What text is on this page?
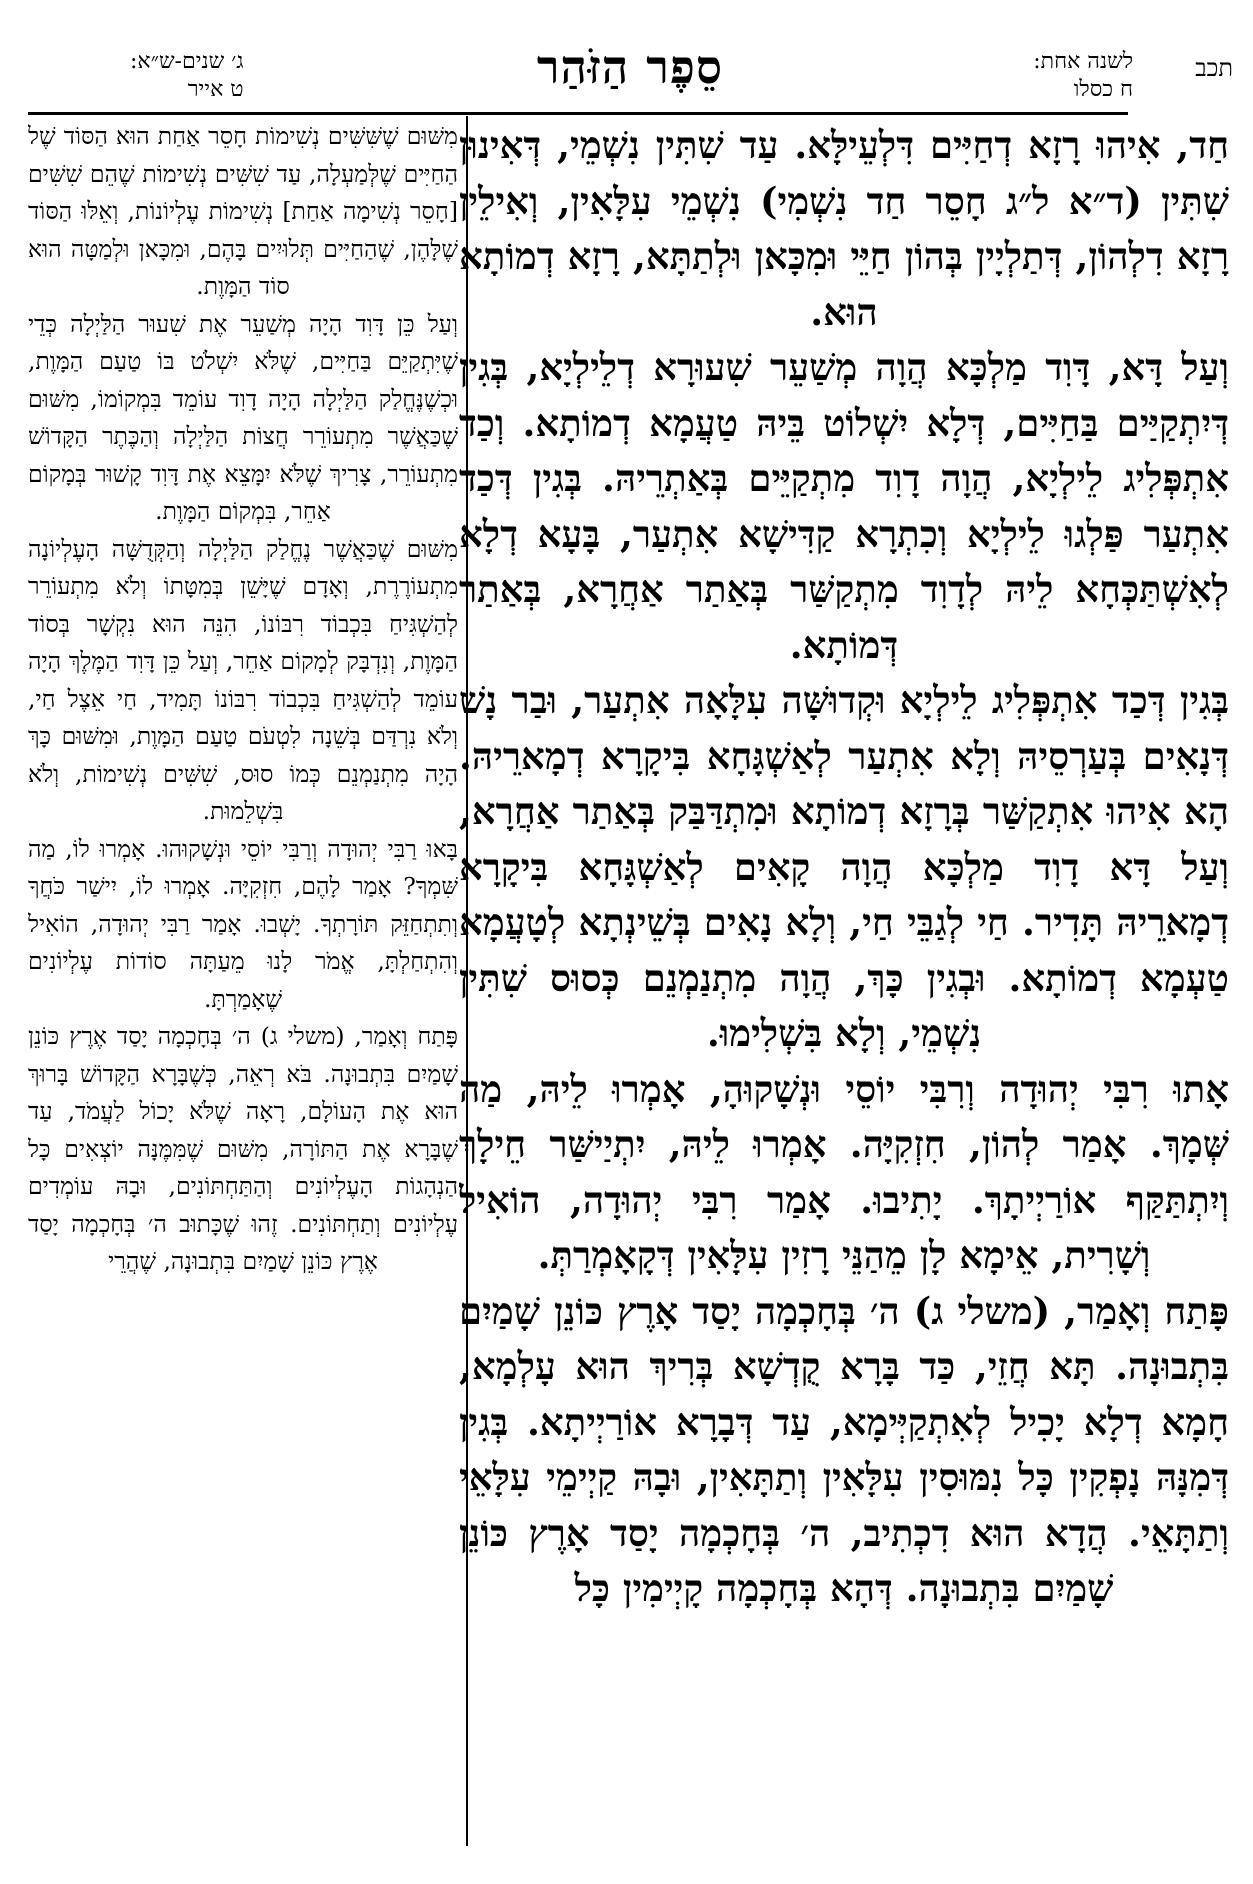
תכב
לשנה אחת:
ח כסלו
סֵפֶר הַזֹּהַר
ג׳ שנים-ש״א:
ט אייר

חַד, אִיהוּ רָזָא דְחַיִּים דִּלְעֵילָּא. עַד שִׁתִּין נִשְׁמֵי, דְּאִינוּן שִׁתִּין (ד״א ל״ג חָסֵר חַד נִשְׁמִי) נִשְׁמֵי עִלָּאִין, וְאִילֵין רָזָא דִלְהוֹן, דְּתַלְיָין בְּהוֹן חַיֵּי וּמִכָּאן וּלְתַתָּא, רָזָא דְמוֹתָא הוּא.

וְעַל דָּא, דָּוִד מַלְכָּא הֲוָה מְשַׁעֵר שִׁעוּרָא דְלֵילְיָא, בְּגִין דְּיִתְקַיַּים בַּחַיִּים, דְּלָא יִשְׁלוֹט בֵּיהּ טַעֲמָא דְמוֹתָא. וְכַד אִתְפְּלִיג לֵילְיָא, הֲוָה דָוִד מִתְקַיֵּים בְּאַתְרֵיהּ. בְּגִין דְּכַד אִתְעַר פַּלְגוּ לֵילְיָא וְכִתְרָא קַדִּישָׁא אִתְעַר, בָּעָא דְלָא לְאִשְׁתַּכְּחָא לֵיהּ לְדָוִד מִתְקַשַּׁר בְּאַתַר אַחֲרָא, בְּאַתַר דְּמוֹתָא.

בְּגִין דְּכַד אִתְפְּלִיג לֵילְיָא וּקְדוּשָּׁה עִלָּאָה אִתְעַר, וּבַר נָשׁ דְּנָאִים בְּעַרְסֵיהּ וְלָא אִתְעַר לְאַשְׁגָּחָא בִּיקָרָא דְמָארֵיהּ. הָא אִיהוּ אִתְקַשַּׁר בְּרָזָא דְמוֹתָא וּמִתְדַּבַּק בְּאַתַר אַחֲרָא, וְעַל דָּא דָוִד מַלְכָּא הֲוָה קָאִים לְאַשְׁגָּחָא בִּיקָרָא דְמָארֵיהּ תָּדִיר. חַי לְגַבֵּי חַי, וְלָא נָאִים בְּשֵׁינְתָא לְטָעֲמָא טַעְמָא דְמוֹתָא. וּבְגִין כָּךְ, הֲוָה מִתְנַמְנֵם כְּסוּס שִׁתִּין נִשְׁמֵי, וְלָא בִּשְׁלִימוּ.

אָתוּ רִבִּי יְהוּדָה וְרִבִּי יוֹסֵי וּנְשָׁקוּהָ, אָמְרוּ לֵיהּ, מַה שְּׁמָךְ. אָמַר לְהוֹן, חִזְקִיָּה. אָמְרוּ לֵיהּ, יִתְיַישַּׁר חֵילָךְ וְיִתְתַּקַּף אוֹרַיְיתָךְ. יָתִיבוּ. אָמַר רִבִּי יְהוּדָה, הוֹאִיל וְשָׁרִית, אֵימָא לָן מֵהַנֵּי רָזִין עִלָּאִין דְּקָאָמְרַתְּ.

פָּתַח וְאָמַר, (משלי ג) ה׳ בְּחָכְמָה יָסַד אָרֶץ כּוֹנֵן שָׁמַיִם בִּתְבוּנָה. תָּא חֲזֵי, כַּד בָּרָא קֻדְשָׁא בְּרִיךְ הוּא עָלְמָא, חָמָא דְלָא יָכִיל לְאִתְקַיְּימָא, עַד דְּבָרָא אוֹרַיְיתָא. בְּגִין דְּמִנָּהּ נָפְקִין כָּל נִמּוּסִין עִלָּאִין וְתַתָּאִין, וּבָהּ קַיְימֵי עִלָּאֵי וְתַתָּאֵי. הֲדָא הוּא דִכְתִיב, ה׳ בְּחָכְמָה יָסַד אָרֶץ כּוֹנֵן שָׁמַיִם בִּתְבוּנָה. דְּהָא בְּחָכְמָה קָיְימִין כָּל

מִשּׁוּם שֶׁשִּׁשִּׁים נְשִׁימוֹת חָסֵר אַחַת הוּא הַסּוֹד שֶׁל הַחַיִּים שֶׁלְּמַעְלָה, עַד שִׁשִּׁים נְשִׁימוֹת שֶׁהֵם שִׁשִּׁים [חָסֵר נְשִׁימָה אַחַת] נְשִׁימוֹת עֶלְיוֹנוֹת, וְאֵלּוּ הַסּוֹד שֶׁלָּהֶן, שֶׁהַחַיִּים תְּלוּיִים בָּהֶם, וּמִכָּאן וּלְמַטָּה הוּא סוֹד הַמָּוֶת.

וְעַל כֵּן דָּוִד הָיָה מְשַׁעֵר אֶת שִׁעוּר הַלַּיְלָה כְּדֵי שֶׁיִּתְקַיֵּם בַּחַיִּים, שֶׁלֹּא יִשְׁלֹט בּוֹ טַעַם הַמָּוֶת, וּכְשֶׁנֶּחֱלַק הַלַּיְלָה הָיָה דָוִד עוֹמֵד בִּמְקוֹמוֹ, מִשּׁוּם שֶׁכַּאֲשֶׁר מִתְעוֹרֵר חֲצוֹת הַלַּיְלָה וְהַכֶּתֶר הַקָּדוֹשׁ מִתְעוֹרֵר, צָרִיךְ שֶׁלֹּא יִמָּצֵא אֶת דָּוִד קָשׁוּר בְּמָקוֹם אַחֵר, בִּמְקוֹם הַמָּוֶת.

מִשּׁוּם שֶׁכַּאֲשֶׁר נֶחֱלַק הַלַּיְלָה וְהַקְּדֻשָּׁה הָעֶלְיוֹנָה מִתְעוֹרֶרֶת, וְאָדָם שֶׁיָּשֵׁן בְּמִטָּתוֹ וְלֹא מִתְעוֹרֵר לְהַשְׁגִּיחַ בִּכְבוֹד רִבּוֹנוֹ, הִנֵּה הוּא נִקְשָׁר בְּסוֹד הַמָּוֶת, וְנִדְבָּק לְמָקוֹם אַחֵר, וְעַל כֵּן דָּוִד הַמֶּלֶךְ הָיָה עוֹמֵד לְהַשְׁגִּיחַ בִּכְבוֹד רִבּוֹנוֹ תָּמִיד, חַי אֵצֶל חַי, וְלֹא נִרְדַּם בְּשֵׁנָה לִטְעֹם טַעַם הַמָּוֶת, וּמִשּׁוּם כָּךְ הָיָה מִתְנַמְנֵם כְּמוֹ סוּס, שִׁשִּׁים נְשִׁימוֹת, וְלֹא בִּשְׁלֵמוּת.

בָּאוּ רַבִּי יְהוּדָה וְרַבִּי יוֹסֵי וּנְשָׁקוּהוּ. אָמְרוּ לוֹ, מַה שִּׁמְךָ? אָמַר לָהֶם, חִזְקִיָּה. אָמְרוּ לוֹ, יִישַׁר כֹּחֲךָ וְתִתְחַזֵּק תּוֹרָתְךָ. יָשְׁבוּ. אָמַר רַבִּי יְהוּדָה, הוֹאִיל וְהִתְחַלְתָּ, אֱמֹר לָנוּ מֵעַתָּה סוֹדוֹת עֶלְיוֹנִים שֶׁאָמַרְתָּ.

פָּתַח וְאָמַר, (משלי ג) ה׳ בְּחָכְמָה יָסַד אֶרֶץ כּוֹנֵן שָׁמַיִם בִּתְבוּנָה. בֹּא רְאֵה, כְּשֶׁבָּרָא הַקָּדוֹשׁ בָּרוּךְ הוּא אֶת הָעוֹלָם, רָאָה שֶׁלֹּא יָכוֹל לַעֲמֹד, עַד שֶׁבָּרָא אֶת הַתּוֹרָה, מִשּׁוּם שֶׁמִּמֶּנָּה יוֹצְאִים כָּל הַנְהָגוֹת הָעֶלְיוֹנִים וְהַתַּחְתּוֹנִים, וּבָהּ עוֹמְדִים עֶלְיוֹנִים וְתַחְתּוֹנִים. זֶהוּ שֶׁכָּתוּב ה׳ בְּחָכְמָה יָסַד אֶרֶץ כּוֹנֵן שָׁמַיִם בִּתְבוּנָה, שֶׁהֲרֵי
